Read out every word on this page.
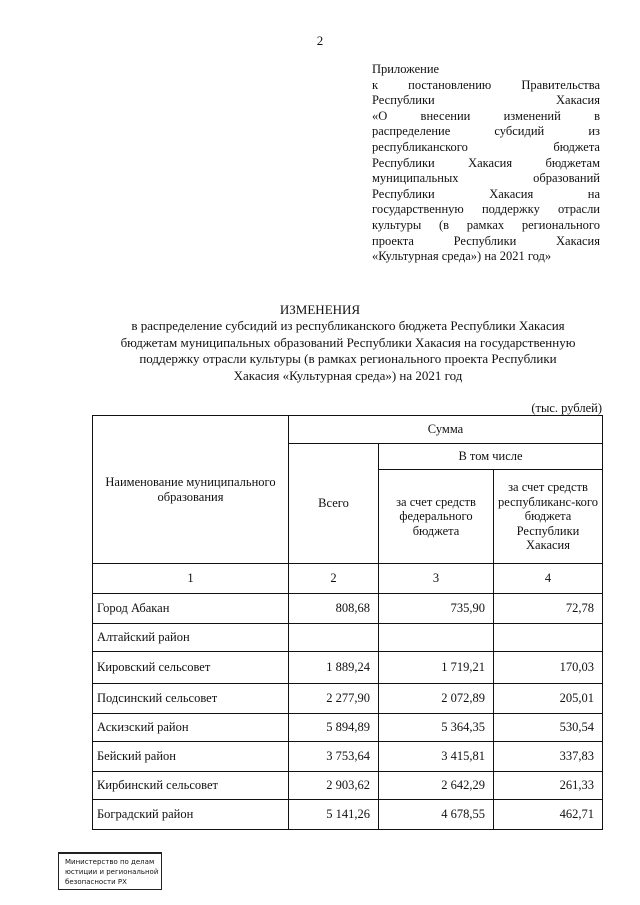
2
Приложение
к постановлению Правительства
Республики Хакасия
«О внесении изменений в
распределение субсидий из
республиканского бюджета
Республики Хакасия бюджетам
муниципальных образований
Республики Хакасия на
государственную поддержку отрасли
культуры (в рамках регионального
проекта Республики Хакасия
«Культурная среда») на 2021 год»
ИЗМЕНЕНИЯ
в распределение субсидий из республиканского бюджета Республики Хакасия
бюджетам муниципальных образований Республики Хакасия на государственную
поддержку отрасли культуры (в рамках регионального проекта Республики
Хакасия «Культурная среда») на 2021 год
(тыс. рублей)
Наименование муниципального образования	Сумма		
	Всего	В том числе	
		за счет средств федерального бюджета	за счет средств республиканс-кого бюджета Республики Хакасия
1	2	3	4
Город Абакан	808,68	735,90	72,78
Алтайский район			
Кировский сельсовет	1 889,24	1 719,21	170,03
Подсинский сельсовет	2 277,90	2 072,89	205,01
Аскизский район	5 894,89	5 364,35	530,54
Бейский район	3 753,64	3 415,81	337,83
Кирбинский сельсовет	2 903,62	2 642,29	261,33
Боградский район	5 141,26	4 678,55	462,71
Министерство по делам
юстиции и региональной
безопасности РХ
